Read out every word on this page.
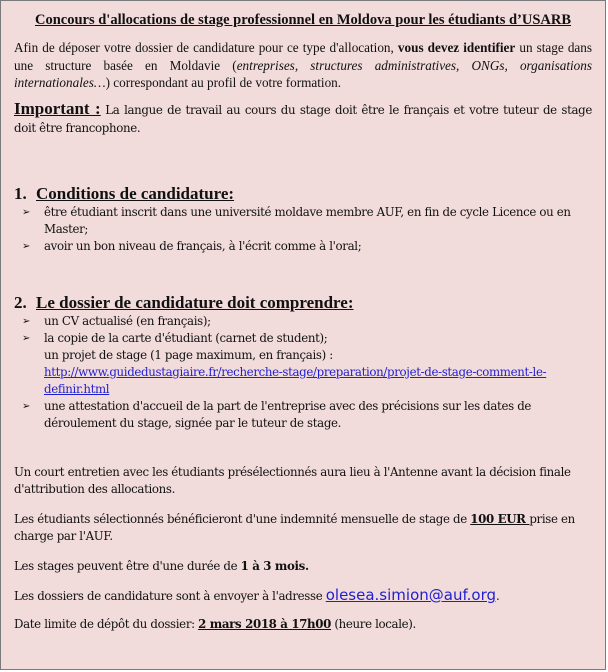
Concours d'allocations de stage professionnel en Moldova pour les étudiants d’USARB

Afin de déposer votre dossier de candidature pour ce type d'allocation, vous devez identifier un stage dans une structure basée en Moldavie (entreprises, structures administratives, ONGs, organisations internationales…) correspondant au profil de votre formation.

Important : La langue de travail au cours du stage doit être le français et votre tuteur de stage doit être francophone.

1. Conditions de candidature:

➢ être étudiant inscrit dans une université moldave membre AUF, en fin de cycle Licence ou en Master;
➢ avoir un bon niveau de français, à l'écrit comme à l'oral;

2. Le dossier de candidature doit comprendre:

➢ un CV actualisé (en français);
➢ la copie de la carte d'étudiant (carnet de student);
un projet de stage (1 page maximum, en français) :
http://www.guidedustagiaire.fr/recherche-stage/preparation/projet-de-stage-comment-le-definir.html
➢ une attestation d'accueil de la part de l'entreprise avec des précisions sur les dates de déroulement du stage, signée par le tuteur de stage.

Un court entretien avec les étudiants présélectionnés aura lieu à l'Antenne avant la décision finale d'attribution des allocations.

Les étudiants sélectionnés bénéficieront d'une indemnité mensuelle de stage de 100 EUR prise en charge par l'AUF.

Les stages peuvent être d'une durée de 1 à 3 mois.

Les dossiers de candidature sont à envoyer à l'adresse olesea.simion@auf.org.

Date limite de dépôt du dossier: 2 mars 2018 à 17h00 (heure locale).
